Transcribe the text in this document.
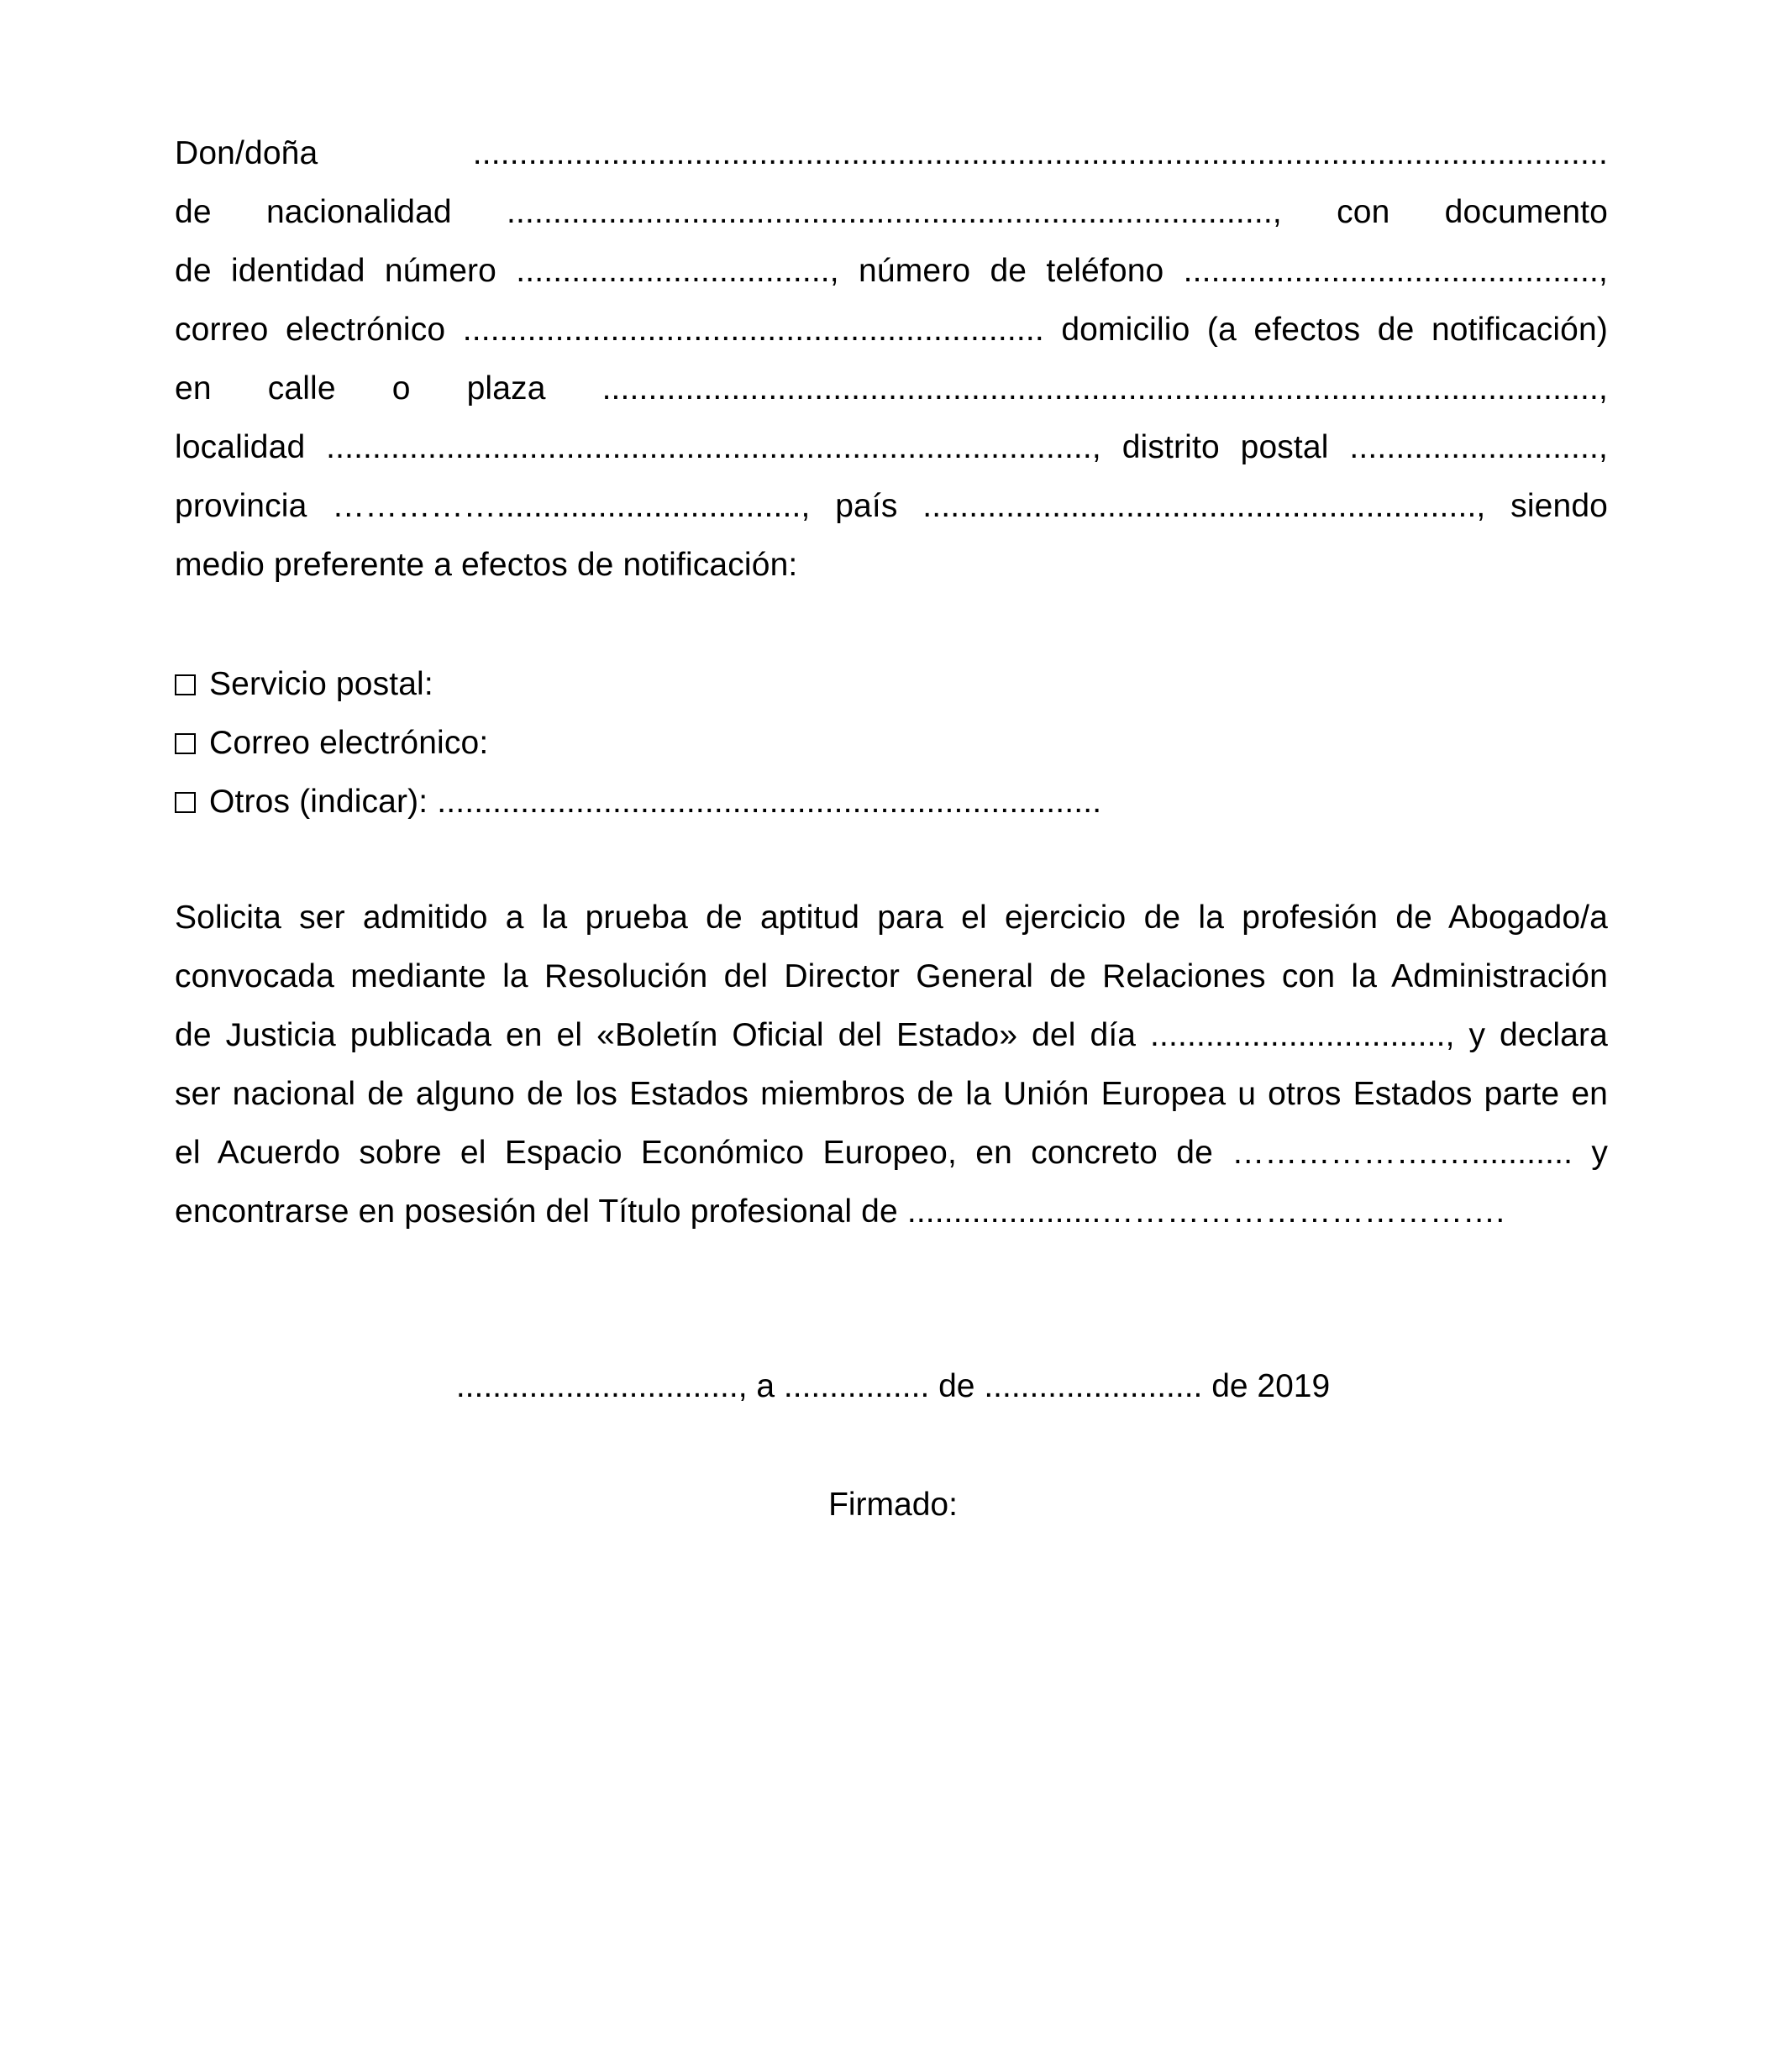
Don/doña ...........................................................................................................................
de nacionalidad ..................................................................................., con documento
de identidad número .................................., número de teléfono .............................................,
correo electrónico ............................................................... domicilio (a efectos de notificación)
en calle o plaza ............................................................................................................,
localidad ..................................................................................., distrito postal ...........................,
provincia ……………................................., país ............................................................, siendo
medio preferente a efectos de notificación:
Servicio postal:
Correo electrónico:
Otros (indicar): ........................................................................
Solicita ser admitido a la prueba de aptitud para el ejercicio de la profesión de Abogado/a
convocada mediante la Resolución del Director General de Relaciones con la Administración
de Justicia publicada en el «Boletín Oficial del Estado» del día ................................, y declara
ser nacional de alguno de los Estados miembros de la Unión Europea u otros Estados parte en
el Acuerdo sobre el Espacio Económico Europeo, en concreto de ……………….…........... y
encontrarse en posesión del Título profesional de .....................……………………………….
..............................., a ................ de ........................ de 2019
Firmado:
